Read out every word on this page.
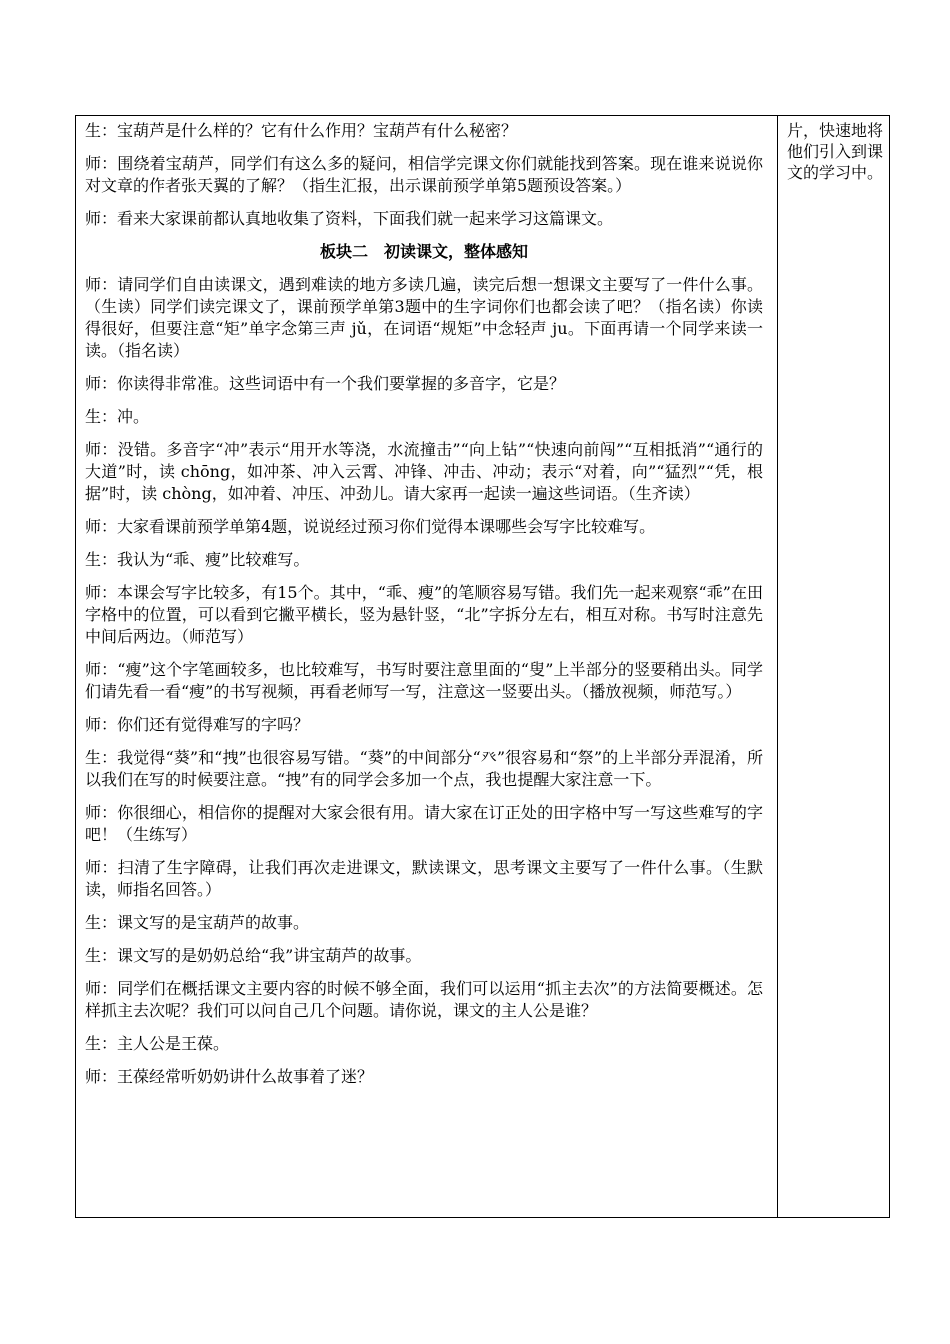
生：宝葫芦是什么样的？它有什么作用？宝葫芦有什么秘密？

师：围绕着宝葫芦，同学们有这么多的疑问，相信学完课文你们就能找到答案。现在谁来说说你对文章的作者张天翼的了解？（指生汇报，出示课前预学单第5题预设答案。）

师：看来大家课前都认真地收集了资料，下面我们就一起来学习这篇课文。

板块二　初读课文，整体感知

师：请同学们自由读课文，遇到难读的地方多读几遍，读完后想一想课文主要写了一件什么事。（生读）同学们读完课文了，课前预学单第3题中的生字词你们也都会读了吧？（指名读）你读得很好，但要注意“矩”单字念第三声 jǔ，在词语“规矩”中念轻声 ju。下面再请一个同学来读一读。（指名读）

师：你读得非常准。这些词语中有一个我们要掌握的多音字，它是？

生：冲。

师：没错。多音字“冲”表示“用开水等浇，水流撞击”“向上钻”“快速向前闯”“互相抵消”“通行的大道”时，读 chōng，如冲茶、冲入云霄、冲锋、冲击、冲动；表示“对着，向”“猛烈”“凭，根据”时，读 chòng，如冲着、冲压、冲劲儿。请大家再一起读一遍这些词语。（生齐读）

师：大家看课前预学单第4题，说说经过预习你们觉得本课哪些会写字比较难写。

生：我认为“乖、瘦”比较难写。

师：本课会写字比较多，有15个。其中，“乖、瘦”的笔顺容易写错。我们先一起来观察“乖”在田字格中的位置，可以看到它撇平横长，竖为悬针竖，“北”字拆分左右，相互对称。书写时注意先中间后两边。（师范写）

师：“瘦”这个字笔画较多，也比较难写，书写时要注意里面的“叟”上半部分的竖要稍出头。同学们请先看一看“瘦”的书写视频，再看老师写一写，注意这一竖要出头。（播放视频，师范写。）

师：你们还有觉得难写的字吗？

生：我觉得“葵”和“拽”也很容易写错。“葵”的中间部分“癶”很容易和“祭”的上半部分弄混淆，所以我们在写的时候要注意。“拽”有的同学会多加一个点，我也提醒大家注意一下。

师：你很细心，相信你的提醒对大家会很有用。请大家在订正处的田字格中写一写这些难写的字吧！（生练写）

师：扫清了生字障碍，让我们再次走进课文，默读课文，思考课文主要写了一件什么事。（生默读，师指名回答。）

生：课文写的是宝葫芦的故事。

生：课文写的是奶奶总给“我”讲宝葫芦的故事。

师：同学们在概括课文主要内容的时候不够全面，我们可以运用“抓主去次”的方法简要概述。怎样抓主去次呢？我们可以问自己几个问题。请你说，课文的主人公是谁？

生：主人公是王葆。

师：王葆经常听奶奶讲什么故事着了迷？

片，快速地将他们引入到课文的学习中。
